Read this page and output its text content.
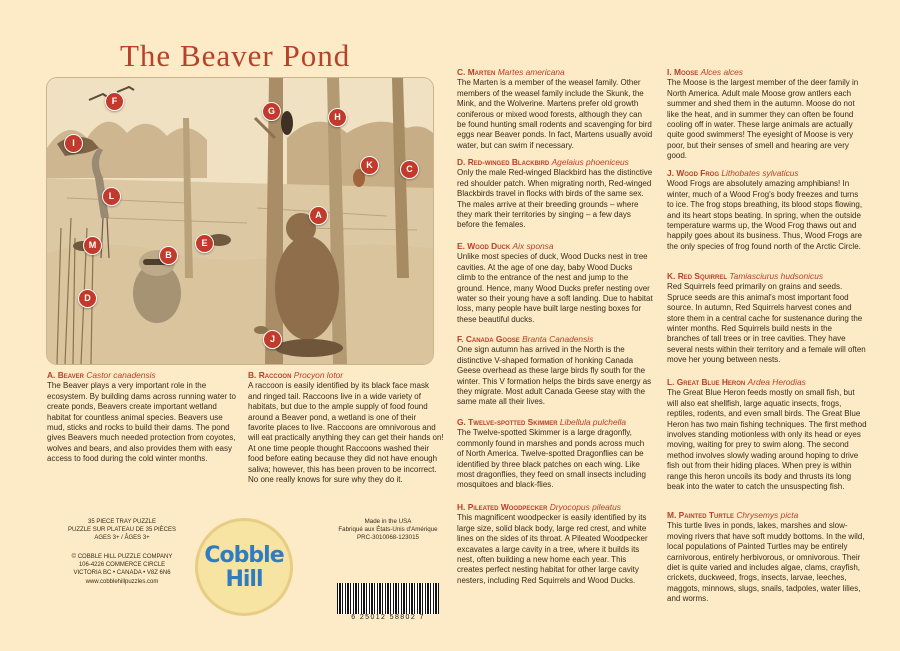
The Beaver Pond
A
B
C
D
E
F
G
H
I
J
K
L
M
A. Beaver Castor canadensis

The Beaver plays a very important role in the ecosystem. By building dams across running water to create ponds, Beavers create important wetland habitat for countless animal species. Beavers use mud, sticks and rocks to build their dams. The pond gives Beavers much needed protection from coyotes, wolves and bears, and also provides them with easy access to food during the cold winter months.

B. Raccoon Procyon lotor

A raccoon is easily identified by its black face mask and ringed tail. Raccoons live in a wide variety of habitats, but due to the ample supply of food found around a Beaver pond, a wetland is one of their favorite places to live. Raccoons are omnivorous and will eat practically anything they can get their hands on! At one time people thought Raccoons washed their food before eating because they did not have enough saliva; however, this has been proven to be incorrect. No one really knows for sure why they do it.

C. Marten Martes americana

The Marten is a member of the weasel family. Other members of the weasel family include the Skunk, the Mink, and the Wolverine. Martens prefer old growth coniferous or mixed wood forests, although they can be found hunting small rodents and scavenging for bird eggs near Beaver ponds. In fact, Martens usually avoid water, but can swim if necessary.

D. Red-winged Blackbird Agelaius phoeniceus

Only the male Red-winged Blackbird has the distinctive red shoulder patch. When migrating north, Red-winged Blackbirds travel in flocks with birds of the same sex. The males arrive at their breeding grounds – where they mark their territories by singing – a few days before the females.

E. Wood Duck Aix sponsa

Unlike most species of duck, Wood Ducks nest in tree cavities. At the age of one day, baby Wood Ducks climb to the entrance of the nest and jump to the ground. Hence, many Wood Ducks prefer nesting over water so their young have a soft landing. Due to habitat loss, many people have built large nesting boxes for these beautiful ducks.

F. Canada Goose Branta Canadensis

One sign autumn has arrived in the North is the distinctive V-shaped formation of honking Canada Geese overhead as these large birds fly south for the winter. This V formation helps the birds save energy as they migrate. Most adult Canada Geese stay with the same mate all their lives.

G. Twelve-spotted Skimmer Libellula pulchella

The Twelve-spotted Skimmer is a large dragonfly, commonly found in marshes and ponds across much of North America. Twelve-spotted Dragonflies can be identified by three black patches on each wing. Like most dragonflies, they feed on small insects including mosquitoes and black-flies.

H. Pileated Woodpecker Dryocopus pileatus

This magnificent woodpecker is easily identified by its large size, solid black body, large red crest, and white lines on the sides of its throat. A Pileated Woodpecker excavates a large cavity in a tree, where it builds its nest, often building a new home each year. This creates perfect nesting habitat for other large cavity nesters, including Red Squirrels and Wood Ducks.

I. Moose Alces alces

The Moose is the largest member of the deer family in North America. Adult male Moose grow antlers each summer and shed them in the autumn. Moose do not like the heat, and in summer they can often be found cooling off in water. These large animals are actually quite good swimmers! The eyesight of Moose is very poor, but their senses of smell and hearing are very good.

J. Wood Frog Lithobates sylvaticus

Wood Frogs are absolutely amazing amphibians! In winter, much of a Wood Frog's body freezes and turns to ice. The frog stops breathing, its blood stops flowing, and its heart stops beating. In spring, when the outside temperature warms up, the Wood Frog thaws out and happily goes about its business. Thus, Wood Frogs are the only species of frog found north of the Arctic Circle.

K. Red Squirrel Tamiasciurus hudsonicus

Red Squirrels feed primarily on grains and seeds. Spruce seeds are this animal's most important food source. In autumn, Red Squirrels harvest cones and store them in a central cache for sustenance during the winter months. Red Squirrels build nests in the branches of tall trees or in tree cavities. They have several nests within their territory and a female will often move her young between nests.

L. Great Blue Heron Ardea Herodias

The Great Blue Heron feeds mostly on small fish, but will also eat shellfish, large aquatic insects, frogs, reptiles, rodents, and even small birds. The Great Blue Heron has two main fishing techniques. The first method involves standing motionless with only its head or eyes moving, waiting for prey to swim along. The second method involves slowly wading around hoping to drive fish out from their hiding places. When prey is within range this heron uncoils its body and thrusts its long beak into the water to catch the unsuspecting fish.

M. Painted Turtle Chrysemys picta

This turtle lives in ponds, lakes, marshes and slow-moving rivers that have soft muddy bottoms. In the wild, local populations of Painted Turtles may be entirely carnivorous, entirely herbivorous, or omnivorous. Their diet is quite varied and includes algae, clams, crayfish, crickets, duckweed, frogs, insects, larvae, leeches, maggots, minnows, slugs, snails, tadpoles, water lilies, and worms.

35 PIECE TRAY PUZZLE
PUZZLE SUR PLATEAU DE 35 PIÈCES
AGES 3+ / ÂGES 3+
© COBBLE HILL PUZZLE COMPANY
106-4226 COMMERCE CIRCLE
VICTORIA BC • CANADA • V8Z 6N6
www.cobblehillpuzzles.com
Cobble
Hill
Made in the USA
Fabriqué aux États-Unis d'Amérique
PRC-3010068-123015
6 25012 58802 7
